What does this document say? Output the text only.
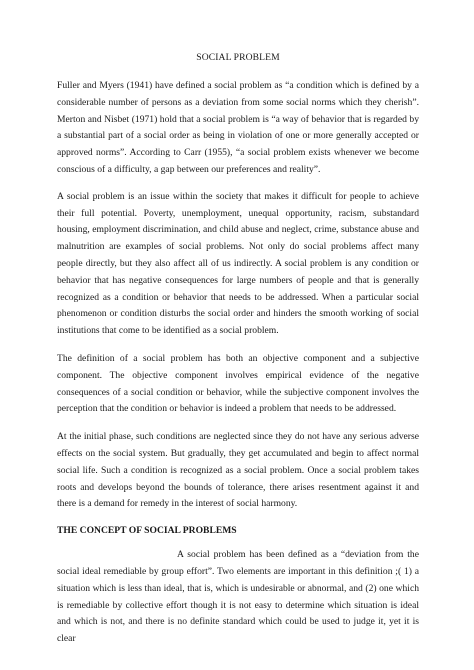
SOCIAL PROBLEM

Fuller and Myers (1941) have defined a social problem as “a condition which is defined by a considerable number of persons as a deviation from some social norms which they cherish”. Merton and Nisbet (1971) hold that a social problem is “a way of behavior that is regarded by a substantial part of a social order as being in violation of one or more generally accepted or approved norms”. According to Carr (1955), “a social problem exists whenever we become conscious of a difficulty, a gap between our preferences and reality”.

A social problem is an issue within the society that makes it difficult for people to achieve their full potential. Poverty, unemployment, unequal opportunity, racism, substandard housing, employment discrimination, and child abuse and neglect, crime, substance abuse and malnutrition are examples of social problems. Not only do social problems affect many people directly, but they also affect all of us indirectly. A social problem is any condition or behavior that has negative consequences for large numbers of people and that is generally recognized as a condition or behavior that needs to be addressed. When a particular social phenomenon or condition disturbs the social order and hinders the smooth working of social institutions that come to be identified as a social problem.

The definition of a social problem has both an objective component and a subjective component. The objective component involves empirical evidence of the negative consequences of a social condition or behavior, while the subjective component involves the perception that the condition or behavior is indeed a problem that needs to be addressed.

At the initial phase, such conditions are neglected since they do not have any serious adverse effects on the social system. But gradually, they get accumulated and begin to affect normal social life. Such a condition is recognized as a social problem. Once a social problem takes roots and develops beyond the bounds of tolerance, there arises resentment against it and there is a demand for remedy in the interest of social harmony.

THE CONCEPT OF SOCIAL PROBLEMS

A social problem has been defined as a “deviation from the social ideal remediable by group effort”. Two elements are important in this definition ;( 1) a situation which is less than ideal, that is, which is undesirable or abnormal, and (2) one which is remediable by collective effort though it is not easy to determine which situation is ideal and which is not, and there is no definite standard which could be used to judge it, yet it is clear
